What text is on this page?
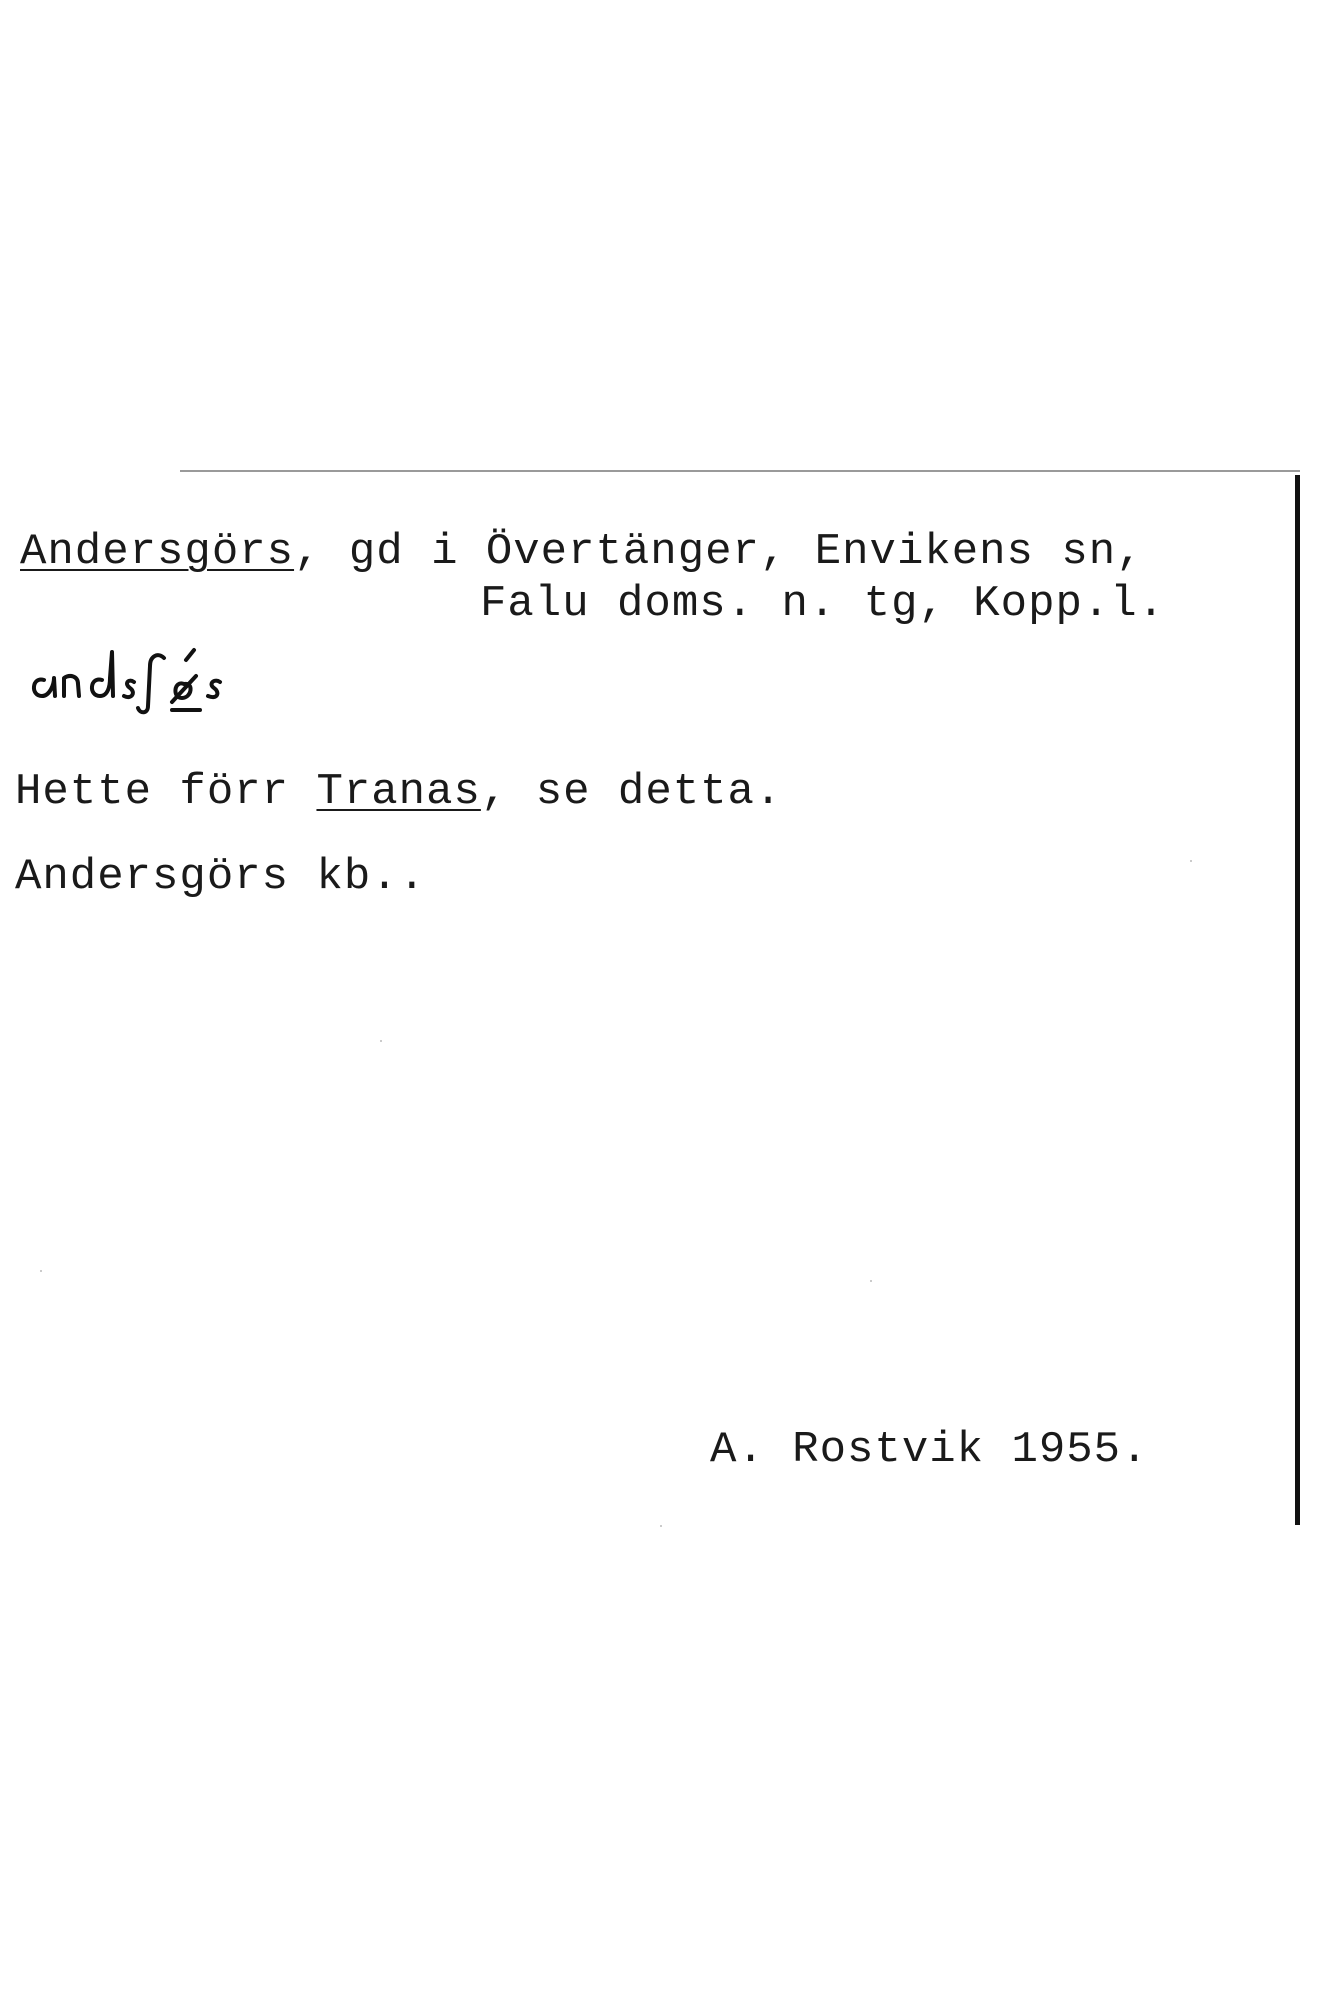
Andersgörs, gd i Övertänger, Envikens sn,
Falu doms. n. tg, Kopp.l.
Hette förr Tranas, se detta.
Andersgörs kb..
A. Rostvik 1955.
